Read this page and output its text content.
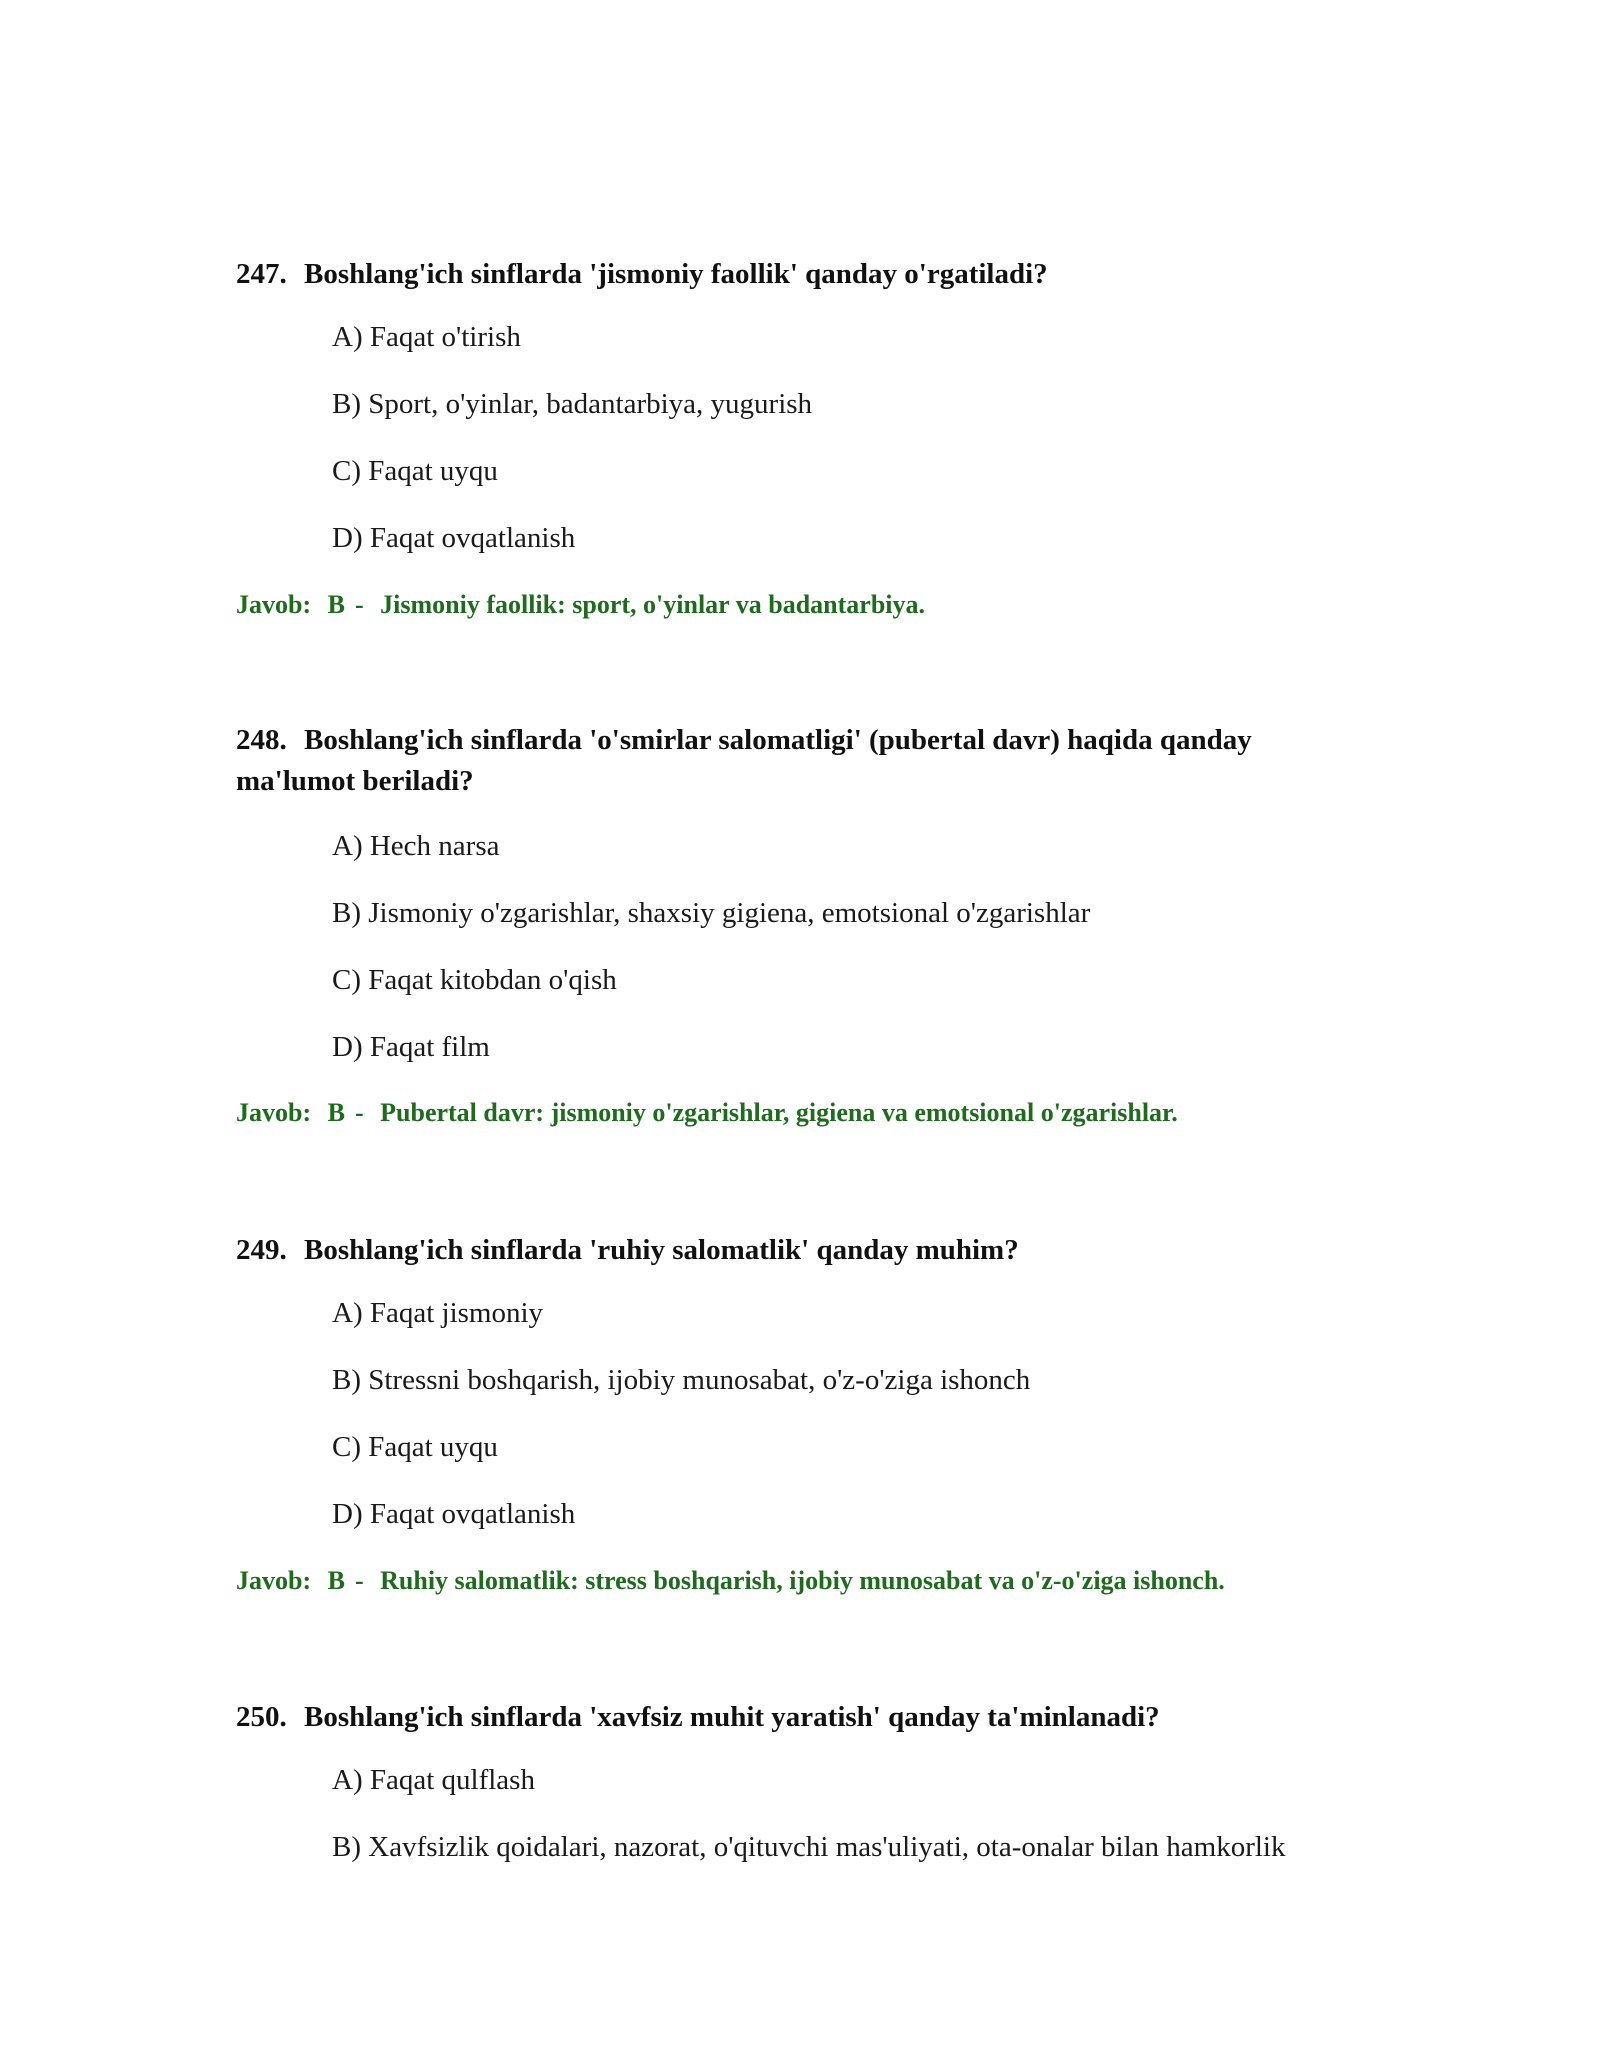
247. Boshlang'ich sinflarda 'jismoniy faollik' qanday o'rgatiladi?

A) Faqat o'tirish
B) Sport, o'yinlar, badantarbiya, yugurish
C) Faqat uyqu
D) Faqat ovqatlanish
Javob: B - Jismoniy faollik: sport, o'yinlar va badantarbiya.

248. Boshlang'ich sinflarda 'o'smirlar salomatligi' (pubertal davr) haqida qanday ma'lumot beriladi?

A) Hech narsa
B) Jismoniy o'zgarishlar, shaxsiy gigiena, emotsional o'zgarishlar
C) Faqat kitobdan o'qish
D) Faqat film
Javob: B - Pubertal davr: jismoniy o'zgarishlar, gigiena va emotsional o'zgarishlar.

249. Boshlang'ich sinflarda 'ruhiy salomatlik' qanday muhim?

A) Faqat jismoniy
B) Stressni boshqarish, ijobiy munosabat, o'z-o'ziga ishonch
C) Faqat uyqu
D) Faqat ovqatlanish
Javob: B - Ruhiy salomatlik: stress boshqarish, ijobiy munosabat va o'z-o'ziga ishonch.

250. Boshlang'ich sinflarda 'xavfsiz muhit yaratish' qanday ta'minlanadi?

A) Faqat qulflash
B) Xavfsizlik qoidalari, nazorat, o'qituvchi mas'uliyati, ota-onalar bilan hamkorlik
